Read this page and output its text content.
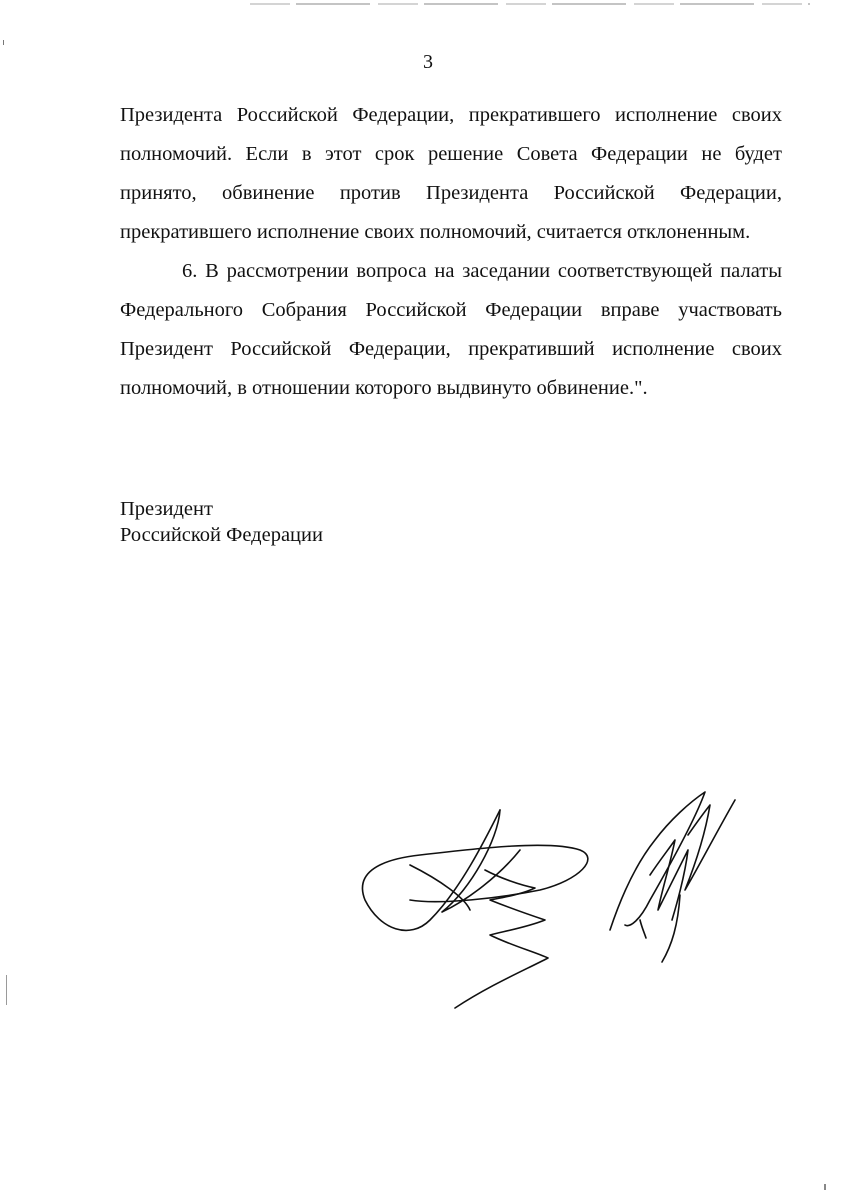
3

Президента Российской Федерации, прекратившего исполнение своих полномочий. Если в этот срок решение Совета Федерации не будет принято, обвинение против Президента Российской Федерации, прекратившего исполнение своих полномочий, считается отклоненным.

6. В рассмотрении вопроса на заседании соответствующей палаты Федерального Собрания Российской Федерации вправе участвовать Президент Российской Федерации, прекративший исполнение своих полномочий, в отношении которого выдвинуто обвинение.".

Президент
Российской Федерации
